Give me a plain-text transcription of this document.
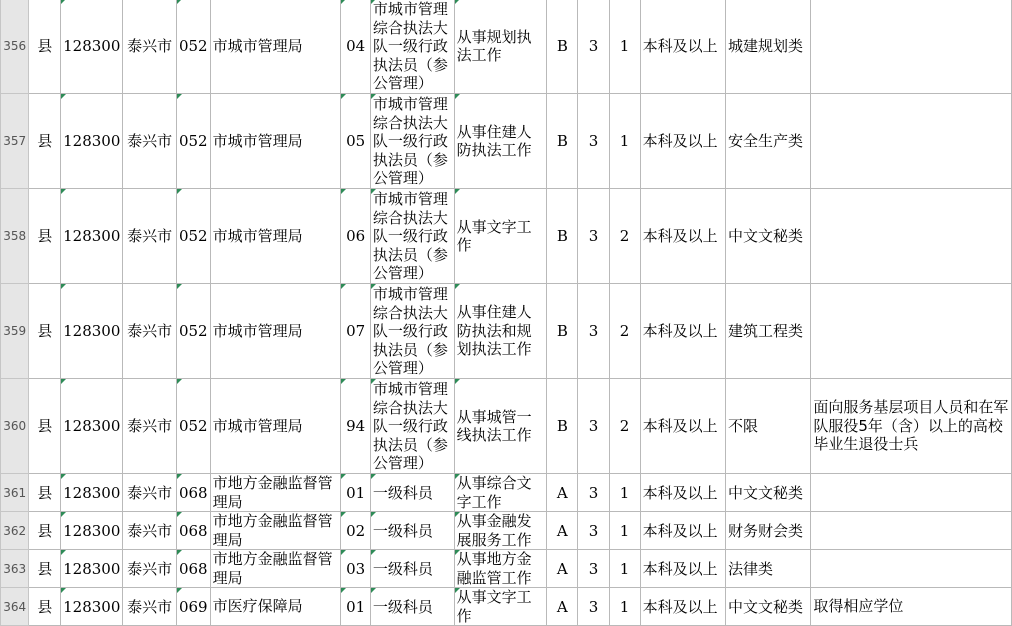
356	县	128300	泰兴市	052	市城市管理局	04	市城市管理综合执法大队一级行政执法员（参公管理）	从事规划执法工作	B	3	1	本科及以上	城建规划类	
357	县	128300	泰兴市	052	市城市管理局	05	市城市管理综合执法大队一级行政执法员（参公管理）	从事住建人防执法工作	B	3	1	本科及以上	安全生产类	
358	县	128300	泰兴市	052	市城市管理局	06	市城市管理综合执法大队一级行政执法员（参公管理）	从事文字工作	B	3	2	本科及以上	中文文秘类	
359	县	128300	泰兴市	052	市城市管理局	07	市城市管理综合执法大队一级行政执法员（参公管理）	从事住建人防执法和规划执法工作	B	3	2	本科及以上	建筑工程类	
360	县	128300	泰兴市	052	市城市管理局	94	市城市管理综合执法大队一级行政执法员（参公管理）	从事城管一线执法工作	B	3	2	本科及以上	不限	面向服务基层项目人员和在军队服役5年（含）以上的高校毕业生退役士兵
361	县	128300	泰兴市	068	市地方金融监督管理局	01	一级科员	从事综合文字工作	A	3	1	本科及以上	中文文秘类	
362	县	128300	泰兴市	068	市地方金融监督管理局	02	一级科员	从事金融发展服务工作	A	3	1	本科及以上	财务财会类	
363	县	128300	泰兴市	068	市地方金融监督管理局	03	一级科员	从事地方金融监管工作	A	3	1	本科及以上	法律类	
364	县	128300	泰兴市	069	市医疗保障局	01	一级科员	从事文字工作	A	3	1	本科及以上	中文文秘类	取得相应学位
